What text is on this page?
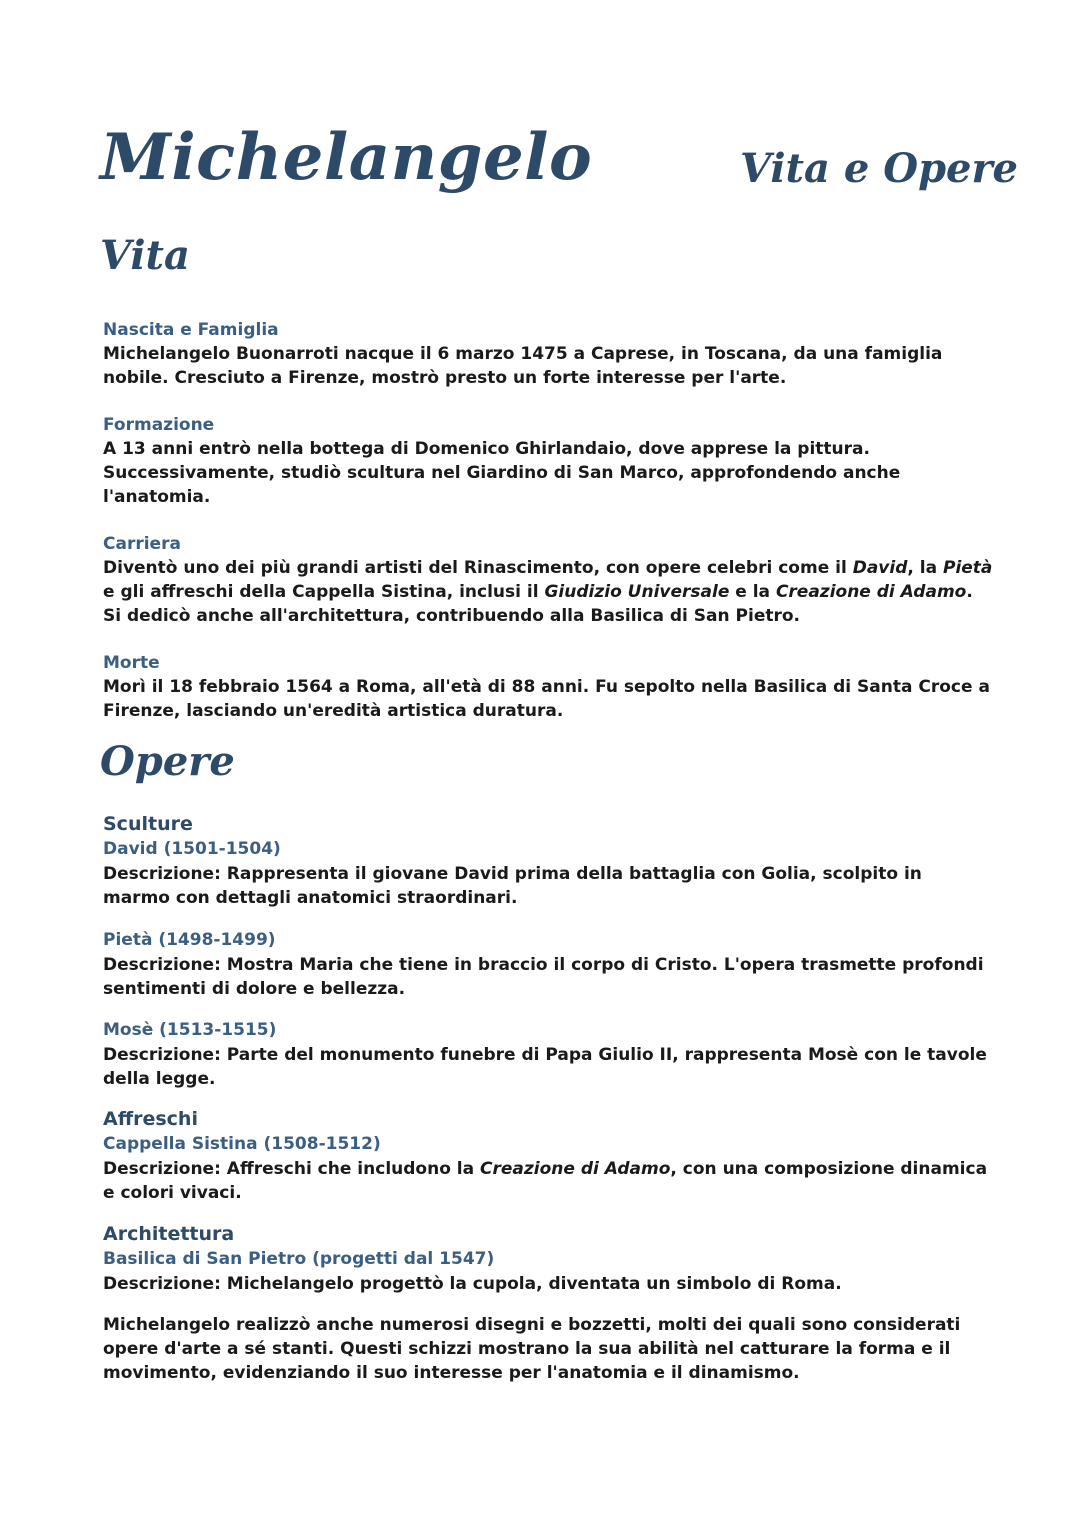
Michelangelo	Vita e Opere
Vita
Nascita e Famiglia
Michelangelo Buonarroti nacque il 6 marzo 1475 a Caprese, in Toscana, da una famiglia nobile. Cresciuto a Firenze, mostrò presto un forte interesse per l'arte.
Formazione
A 13 anni entrò nella bottega di Domenico Ghirlandaio, dove apprese la pittura. Successivamente, studiò scultura nel Giardino di San Marco, approfondendo anche l'anatomia.
Carriera
Diventò uno dei più grandi artisti del Rinascimento, con opere celebri come il David, la Pietà e gli affreschi della Cappella Sistina, inclusi il Giudizio Universale e la Creazione di Adamo. Si dedicò anche all'architettura, contribuendo alla Basilica di San Pietro.
Morte
Morì il 18 febbraio 1564 a Roma, all'età di 88 anni. Fu sepolto nella Basilica di Santa Croce a Firenze, lasciando un'eredità artistica duratura.
Opere
Sculture
David (1501-1504)
Descrizione: Rappresenta il giovane David prima della battaglia con Golia, scolpito in marmo con dettagli anatomici straordinari.
Pietà (1498-1499)
Descrizione: Mostra Maria che tiene in braccio il corpo di Cristo. L'opera trasmette profondi sentimenti di dolore e bellezza.
Mosè (1513-1515)
Descrizione: Parte del monumento funebre di Papa Giulio II, rappresenta Mosè con le tavole della legge.
Affreschi
Cappella Sistina (1508-1512)
Descrizione: Affreschi che includono la Creazione di Adamo, con una composizione dinamica e colori vivaci.
Architettura
Basilica di San Pietro (progetti dal 1547)
Descrizione: Michelangelo progettò la cupola, diventata un simbolo di Roma.
Michelangelo realizzò anche numerosi disegni e bozzetti, molti dei quali sono considerati opere d'arte a sé stanti. Questi schizzi mostrano la sua abilità nel catturare la forma e il movimento, evidenziando il suo interesse per l'anatomia e il dinamismo.
